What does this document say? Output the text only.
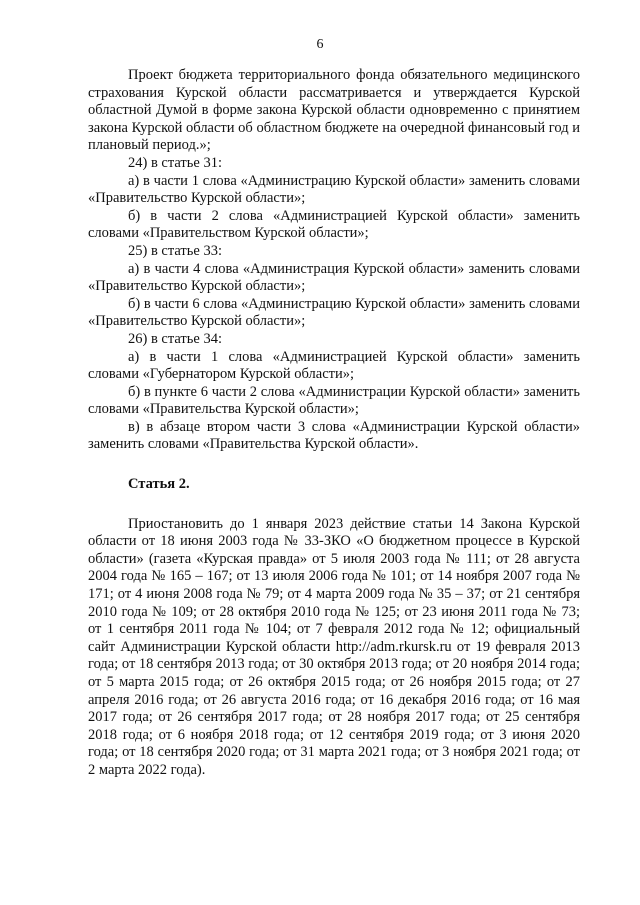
6

Проект бюджета территориального фонда обязательного медицинского страхования Курской области рассматривается и утверждается Курской областной Думой в форме закона Курской области одновременно с принятием закона Курской области об областном бюджете на очередной финансовый год и плановый период.»;

24) в статье 31:

а) в части 1 слова «Администрацию Курской области» заменить словами «Правительство Курской области»;

б) в части 2 слова «Администрацией Курской области» заменить словами «Правительством Курской области»;

25) в статье 33:

а) в части 4 слова «Администрация Курской области» заменить словами «Правительство Курской области»;

б) в части 6 слова «Администрацию Курской области» заменить словами «Правительство Курской области»;

26) в статье 34:

а) в части 1 слова «Администрацией Курской области» заменить словами «Губернатором Курской области»;

б) в пункте 6 части 2 слова «Администрации Курской области» заменить словами «Правительства Курской области»;

в) в абзаце втором части 3 слова «Администрации Курской области» заменить словами «Правительства Курской области».

Статья 2.

Приостановить до 1 января 2023 действие статьи 14 Закона Курской области от 18 июня 2003 года № 33-ЗКО «О бюджетном процессе в Курской области» (газета «Курская правда» от 5 июля 2003 года № 111; от 28 августа 2004 года № 165 – 167; от 13 июля 2006 года № 101; от 14 ноября 2007 года № 171; от 4 июня 2008 года № 79; от 4 марта 2009 года № 35 – 37; от 21 сентября 2010 года № 109; от 28 октября 2010 года № 125; от 23 июня 2011 года № 73; от 1 сентября 2011 года № 104; от 7 февраля 2012 года № 12; официальный сайт Администрации Курской области http://adm.rkursk.ru от 19 февраля 2013 года; от 18 сентября 2013 года; от 30 октября 2013 года; от 20 ноября 2014 года; от 5 марта 2015 года; от 26 октября 2015 года; от 26 ноября 2015 года; от 27 апреля 2016 года; от 26 августа 2016 года; от 16 декабря 2016 года; от 16 мая 2017 года; от 26 сентября 2017 года; от 28 ноября 2017 года; от 25 сентября 2018 года; от 6 ноября 2018 года; от 12 сентября 2019 года; от 3 июня 2020 года; от 18 сентября 2020 года; от 31 марта 2021 года; от 3 ноября 2021 года; от 2 марта 2022 года).
